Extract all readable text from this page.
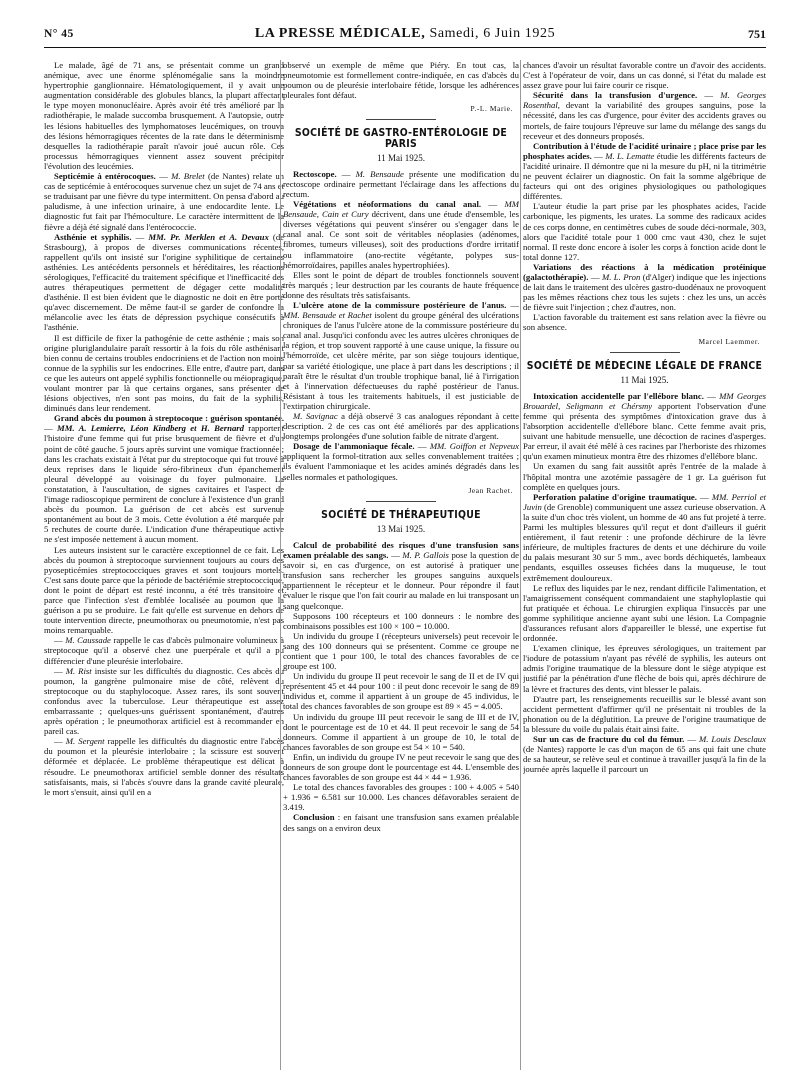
N° 45	LA PRESSE MÉDICALE, Samedi, 6 Juin 1925	751

Le malade, âgé de 71 ans, se présentait comme un grand anémique, avec une énorme splénomégalie sans la moindre hypertrophie ganglionnaire. Hématologiquement, il y avait une augmentation considérable des globules blancs, la plupart affectant le type moyen mononucléaire. Après avoir été très amélioré par la radiothérapie, le malade succomba brusquement. A l'autopsie, outre les lésions habituelles des lymphomatoses leucémiques, on trouva des lésions hémorragiques récentes de la rate dans le déterminisme desquelles la radiothérapie paraît n'avoir joué aucun rôle. Ces processus hémorragiques viennent assez souvent précipiter l'évolution des leucémies.

Septicémie à entérocoques. — M. Brelet (de Nantes) relate un cas de septicémie à entérocoques survenue chez un sujet de 74 ans et se traduisant par une fièvre du type intermittent. On pensa d'abord au paludisme, à une infection urinaire, à une endocardite lente. Le diagnostic fut fait par l'hémoculture. Le caractère intermittent de la fièvre a déjà été signalé dans l'entérococcie.

Asthénie et syphilis. — MM. Pr. Merklen et A. Devaux (de Strasbourg), à propos de diverses communications récentes, rappellent qu'ils ont insisté sur l'origine syphilitique de certaines asthénies. Les antécédents personnels et héréditaires, les réactions sérologiques, l'efficacité du traitement spécifique et l'inefficacité des autres thérapeutiques permettent de dégager cette modalité d'asthénie. Il est bien évident que le diagnostic ne doit en être porté qu'avec discernement. De même faut-il se garder de confondre la mélancolie avec les états de dépression psychique consécutifs à l'asthénie.

Il est difficile de fixer la pathogénie de cette asthénie ; mais son origine pluriglandulaire paraît ressortir à la fois du rôle asthénisant bien connu de certains troubles endocriniens et de l'action non moins connue de la syphilis sur les endocrines. Elle entre, d'autre part, dans ce que les auteurs ont appelé syphilis fonctionnelle ou méiopragique, voulant montrer par là que certains organes, sans présenter de lésions objectives, n'en sont pas moins, du fait de la syphilis, diminués dans leur rendement.

Grand abcès du poumon à streptocoque : guérison spontanée. — MM. A. Lemierre, Léon Kindberg et H. Bernard rapportent l'histoire d'une femme qui fut prise brusquement de fièvre et d'un point de côté gauche. 5 jours après survint une vomique fractionnée ; dans les crachats existait à l'état pur du streptocoque qui fut trouvé à deux reprises dans le liquide séro-fibrineux d'un épanchement pleural développé au voisinage du foyer pulmonaire. La constatation, à l'auscultation, de signes cavitaires et l'aspect de l'image radioscopique permirent de conclure à l'existence d'un grand abcès du poumon. La guérison de cet abcès est survenue spontanément au bout de 3 mois. Cette évolution a été marquée par 5 rechutes de courte durée. L'indication d'une thérapeutique active ne s'est imposée nettement à aucun moment.

Les auteurs insistent sur le caractère exceptionnel de ce fait. Les abcès du poumon à streptocoque surviennent toujours au cours des pyosepticémies streptococciques graves et sont toujours mortels. C'est sans doute parce que la période de bactériémie streptococcique, dont le point de départ est resté inconnu, a été très transitoire et parce que l'infection s'est d'emblée localisée au poumon que la guérison a pu se produire. Le fait qu'elle est survenue en dehors de toute intervention directe, pneumothorax ou pneumotomie, n'est pas moins remarquable.

— M. Caussade rappelle le cas d'abcès pulmonaire volumineux à streptocoque qu'il a observé chez une puerpérale et qu'il a pu différencier d'une pleurésie interlobaire.

— M. Rist insiste sur les difficultés du diagnostic. Ces abcès du poumon, la gangrène pulmonaire mise de côté, relèvent du streptocoque ou du staphylocoque. Assez rares, ils sont souvent confondus avec la tuberculose. Leur thérapeutique est assez embarrassante ; quelques-uns guérissent spontanément, d'autres après opération ; le pneumothorax artificiel est à recommander en pareil cas.

— M. Sergent rappelle les difficultés du diagnostic entre l'abcès du poumon et la pleurésie interlobaire ; la scissure est souvent déformée et déplacée. Le problème thérapeutique est délicat à résoudre. Le pneumothorax artificiel semble donner des résultats satisfaisants, mais, si l'abcès s'ouvre dans la grande cavité pleurale, le mort s'ensuit, ainsi qu'il en a

observé un exemple de même que Piéry. En tout cas, la pneumotomie est formellement contre-indiquée, en cas d'abcès du poumon ou de pleurésie interlobaire fétide, lorsque les adhérences pleurales font défaut.

P.-L. Marie.
SOCIÉTÉ DE GASTRO-ENTÉROLOGIE DE PARIS
11 Mai 1925.

Rectoscope. — M. Bensaude présente une modification du rectoscope ordinaire permettant l'éclairage dans les affections du rectum.

Végétations et néoformations du canal anal. — MM Bensaude, Cain et Cury décrivent, dans une étude d'ensemble, les diverses végétations qui peuvent s'insérer ou s'engager dans le canal anal. Ce sont soit de véritables néoplasies (adénomes, fibromes, tumeurs villeuses), soit des productions d'ordre irritatif ou inflammatoire (ano-rectite végétante, polypes sus-hémorroïdaires, papilles anales hypertrophiées).

Elles sont le point de départ de troubles fonctionnels souvent très marqués ; leur destruction par les courants de haute fréquence donne des résultats très satisfaisants.

L'ulcère atone de la commissure postérieure de l'anus. — MM. Bensaude et Rachet isolent du groupe général des ulcérations chroniques de l'anus l'ulcère atone de la commissure postérieure du canal anal. Jusqu'ici confondu avec les autres ulcères chroniques de la région, et trop souvent rapporté à une cause unique, la fissure ou l'hémorroïde, cet ulcère mérite, par son siège toujours identique, par sa variété étiologique, une place à part dans les descriptions ; il paraît être le résultat d'un trouble trophique banal, lié à l'irrigation et à l'innervation défectueuses du raphé postérieur de l'anus. Résistant à tous les traitements habituels, il est justiciable de l'extirpation chirurgicale.

M. Savignac a déjà observé 3 cas analogues répondant à cette description. 2 de ces cas ont été améliorés par des applications longtemps prolongées d'une solution faible de nitrate d'argent.

Dosage de l'ammoniaque fécale. — MM. Goiffon et Nepveux appliquent la formol-titration aux selles convenablement traitées ; ils évaluent l'ammoniaque et les acides aminés dégradés dans les selles normales et pathologiques.

Jean Rachet.
SOCIÉTÉ DE THÉRAPEUTIQUE
13 Mai 1925.

Calcul de probabilité des risques d'une transfusion sans examen préalable des sangs. — M. P. Gallois pose la question de savoir si, en cas d'urgence, on est autorisé à pratiquer une transfusion sans rechercher les groupes sanguins auxquels appartiennent le récepteur et le donneur. Pour répondre il faut évaluer le risque que l'on fait courir au malade en lui transposant un sang quelconque.

Supposons 100 récepteurs et 100 donneurs : le nombre des combinaisons possibles est 100 × 100 = 10.000.

Un individu du groupe I (récepteurs universels) peut recevoir le sang des 100 donneurs qui se présentent. Comme ce groupe ne contient que 1 pour 100, le total des chances favorables de ce groupe est 100.

Un individu du groupe II peut recevoir le sang de II et de IV qui représentent 45 et 44 pour 100 : il peut donc recevoir le sang de 89 individus et, comme il appartient à un groupe de 45 individus, le total des chances favorables de son groupe est 89 × 45 = 4.005.

Un individu du groupe III peut recevoir le sang de III et de IV, dont le pourcentage est de 10 et 44. Il peut recevoir le sang de 54 donneurs. Comme il appartient à un groupe de 10, le total de chances favorables de son groupe est 54 × 10 = 540.

Enfin, un individu du groupe IV ne peut recevoir le sang que des donneurs de son groupe dont le pourcentage est 44. L'ensemble des chances favorables de son groupe est 44 × 44 = 1.936.

Le total des chances favorables des groupes : 100 + 4.005 + 540 + 1.936 = 6.581 sur 10.000. Les chances défavorables seraient de 3.419.

Conclusion : en faisant une transfusion sans examen préalable des sangs on a environ deux

chances d'avoir un résultat favorable contre un d'avoir des accidents. C'est à l'opérateur de voir, dans un cas donné, si l'état du malade est assez grave pour lui faire courir ce risque.

Sécurité dans la transfusion d'urgence. — M. Georges Rosenthal, devant la variabilité des groupes sanguins, pose la nécessité, dans les cas d'urgence, pour éviter des accidents graves ou mortels, de faire toujours l'épreuve sur lame du mélange des sangs du receveur et des donneurs proposés.

Contribution à l'étude de l'acidité urinaire ; place prise par les phosphates acides. — M. L. Lematte étudie les différents facteurs de l'acidité urinaire. Il démontre que ni la mesure du pH, ni la titrimétrie ne peuvent éclairer un diagnostic. On fait la somme algébrique de facteurs qui ont des origines physiologiques ou pathologiques différentes.

L'auteur étudie la part prise par les phosphates acides, l'acide carbonique, les pigments, les urates. La somme des radicaux acides de ces corps donne, en centimètres cubes de soude déci-normale, 303, alors que l'acidité totale pour 1 000 cmc vaut 430, chez le sujet normal. Il reste donc encore à isoler les corps à fonction acide dont le total donne 127.

Variations des réactions à la médication protéinique (galactothérapie). — M. L. Pron (d'Alger) indique que les injections de lait dans le traitement des ulcères gastro-duodénaux ne provoquent pas les mêmes réactions chez tous les sujets : chez les uns, un accès de fièvre suit l'injection ; chez d'autres, non.

L'action favorable du traitement est sans relation avec la fièvre ou son absence.

Marcel Laemmer.
SOCIÉTÉ DE MÉDECINE LÉGALE DE FRANCE
11 Mai 1925.

Intoxication accidentelle par l'ellébore blanc. — MM Georges Brouardel, Seligmann et Chérsmy apportent l'observation d'une femme qui présenta des symptômes d'intoxication grave dus à l'absorption accidentelle d'ellébore blanc. Cette femme avait pris, suivant une habitude mensuelle, une décoction de racines d'asperges. Par erreur, il avait été mêlé à ces racines par l'herboriste des rhizomes qu'un examen minutieux montra être des rhizomes d'ellébore blanc.

Un examen du sang fait aussitôt après l'entrée de la malade à l'hôpital montra une azotémie passagère de 1 gr. La guérison fut complète en quelques jours.

Perforation palatine d'origine traumatique. — MM. Perriol et Juvin (de Grenoble) communiquent une assez curieuse observation. A la suite d'un choc très violent, un homme de 40 ans fut projeté à terre. Parmi les multiples blessures qu'il reçut et dont d'ailleurs il guérit entièrement, il faut retenir : une profonde déchirure de la lèvre inférieure, de multiples fractures de dents et une déchirure du voile du palais mesurant 30 sur 5 mm., avec bords déchiquetés, lambeaux pendants, esquilles osseuses fichées dans la muqueuse, le tout extrêmement douloureux.

Le reflux des liquides par le nez, rendant difficile l'alimentation, et l'amaigrissement conséquent commandaient une staphyloplastie qui fut pratiquée et échoua. Le chirurgien expliqua l'insuccès par une gomme syphilitique ancienne ayant subi une lésion. La Compagnie d'assurances refusant alors d'appareiller le blessé, une expertise fut ordonnée.

L'examen clinique, les épreuves sérologiques, un traitement par l'iodure de potassium n'ayant pas révélé de syphilis, les auteurs ont admis l'origine traumatique de la blessure dont le siège atypique est justifié par la pénétration d'une flèche de bois qui, après déchirure de la lèvre et fractures des dents, vint blesser le palais.

D'autre part, les renseignements recueillis sur le blessé avant son accident permettent d'affirmer qu'il ne présentait ni troubles de la phonation ou de la déglutition. La preuve de l'origine traumatique de la blessure du voile du palais était ainsi faite.

Sur un cas de fracture du col du fémur. — M. Louis Desclaux (de Nantes) rapporte le cas d'un maçon de 65 ans qui fait une chute de sa hauteur, se relève seul et continue à travailler jusqu'à la fin de la journée après laquelle il parcourt un
